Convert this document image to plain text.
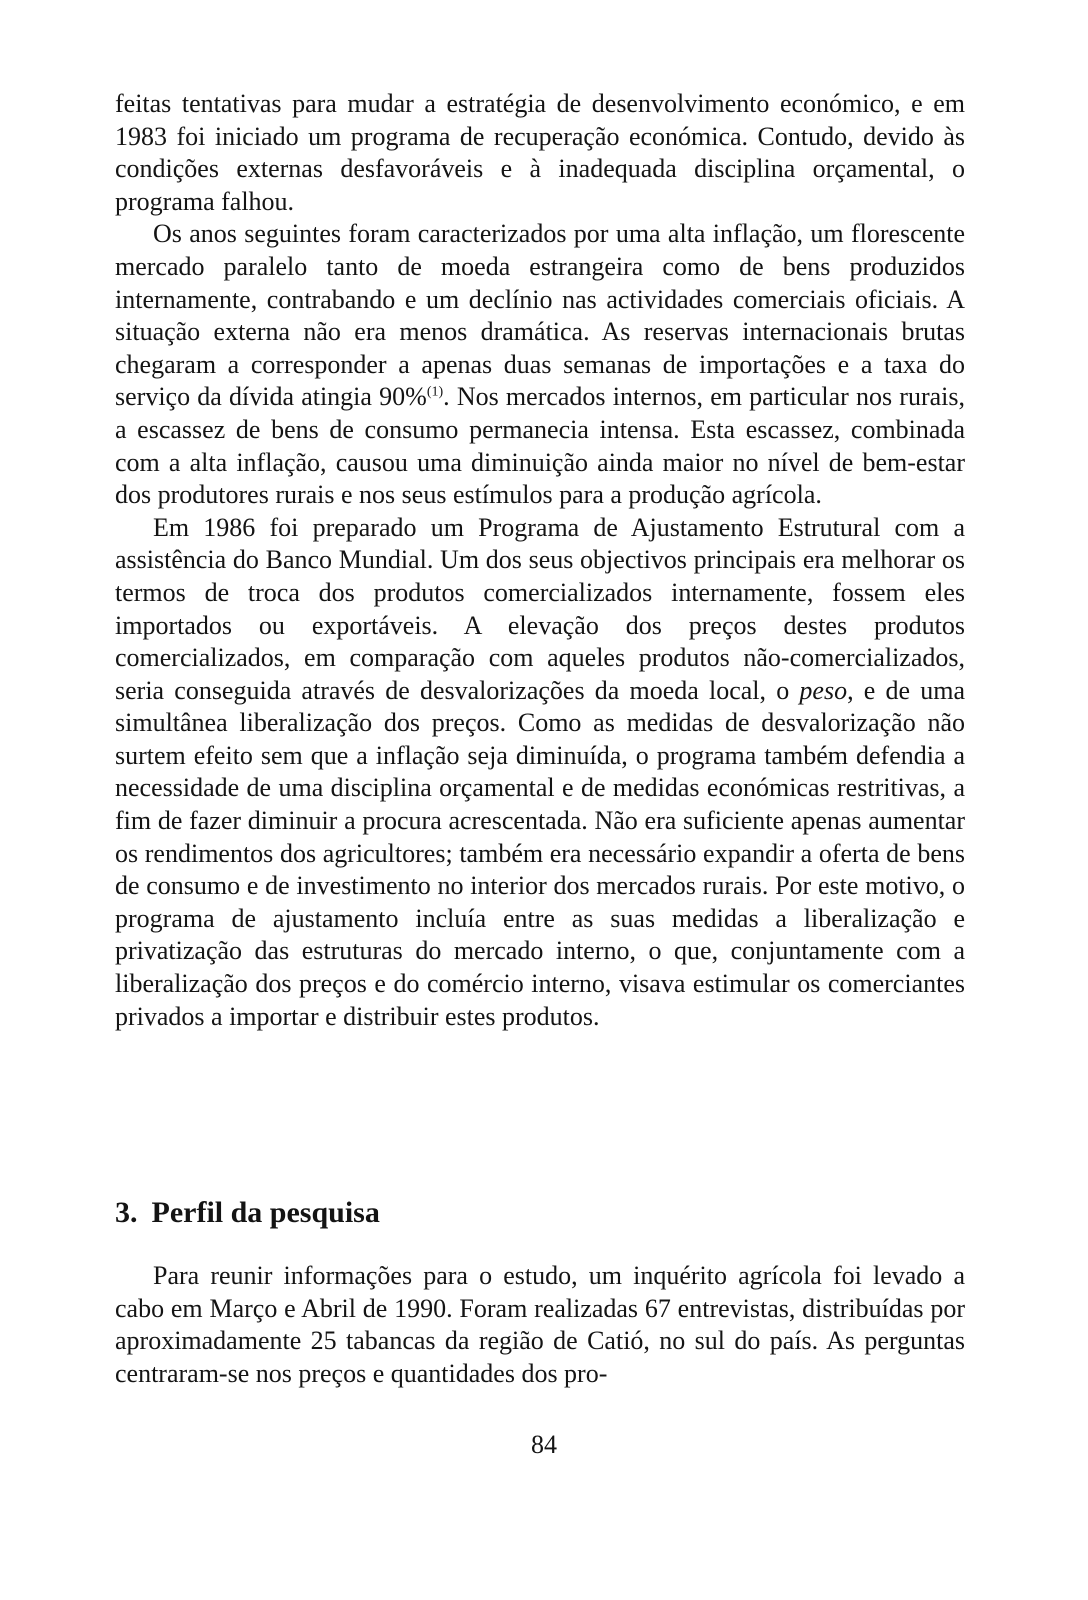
feitas tentativas para mudar a estratégia de desenvolvimento económico, e em 1983 foi iniciado um programa de recuperação económica. Contudo, devido às condições externas desfavoráveis e à inadequada disciplina orçamental, o programa falhou.

Os anos seguintes foram caracterizados por uma alta inflação, um florescente mercado paralelo tanto de moeda estrangeira como de bens produzidos internamente, contrabando e um declínio nas actividades comerciais oficiais. A situação externa não era menos dramática. As reservas internacionais brutas chegaram a corresponder a apenas duas semanas de importações e a taxa do serviço da dívida atingia 90%$^{(1)}$. Nos mercados internos, em particular nos rurais, a escassez de bens de consumo permanecia intensa. Esta escassez, combinada com a alta inflação, causou uma diminuição ainda maior no nível de bem-estar dos produtores rurais e nos seus estímulos para a produção agrícola.

Em 1986 foi preparado um Programa de Ajustamento Estrutural com a assistência do Banco Mundial. Um dos seus objectivos principais era melhorar os termos de troca dos produtos comercializados internamente, fossem eles importados ou exportáveis. A elevação dos preços destes produtos comercializados, em comparação com aqueles produtos não-comercializados, seria conseguida através de desvalorizações da moeda local, o peso, e de uma simultânea liberalização dos preços. Como as medidas de desvalorização não surtem efeito sem que a inflação seja diminuída, o programa também defendia a necessidade de uma disciplina orçamental e de medidas económicas restritivas, a fim de fazer diminuir a procura acrescentada. Não era suficiente apenas aumentar os rendimentos dos agricultores; também era necessário expandir a oferta de bens de consumo e de investimento no interior dos mercados rurais. Por este motivo, o programa de ajustamento incluía entre as suas medidas a liberalização e privatização das estruturas do mercado interno, o que, conjuntamente com a liberalização dos preços e do comércio interno, visava estimular os comerciantes privados a importar e distribuir estes produtos.

3. Perfil da pesquisa

Para reunir informações para o estudo, um inquérito agrícola foi levado a cabo em Março e Abril de 1990. Foram realizadas 67 entrevistas, distribuídas por aproximadamente 25 tabancas da região de Catió, no sul do país. As perguntas centraram-se nos preços e quantidades dos pro-

84
